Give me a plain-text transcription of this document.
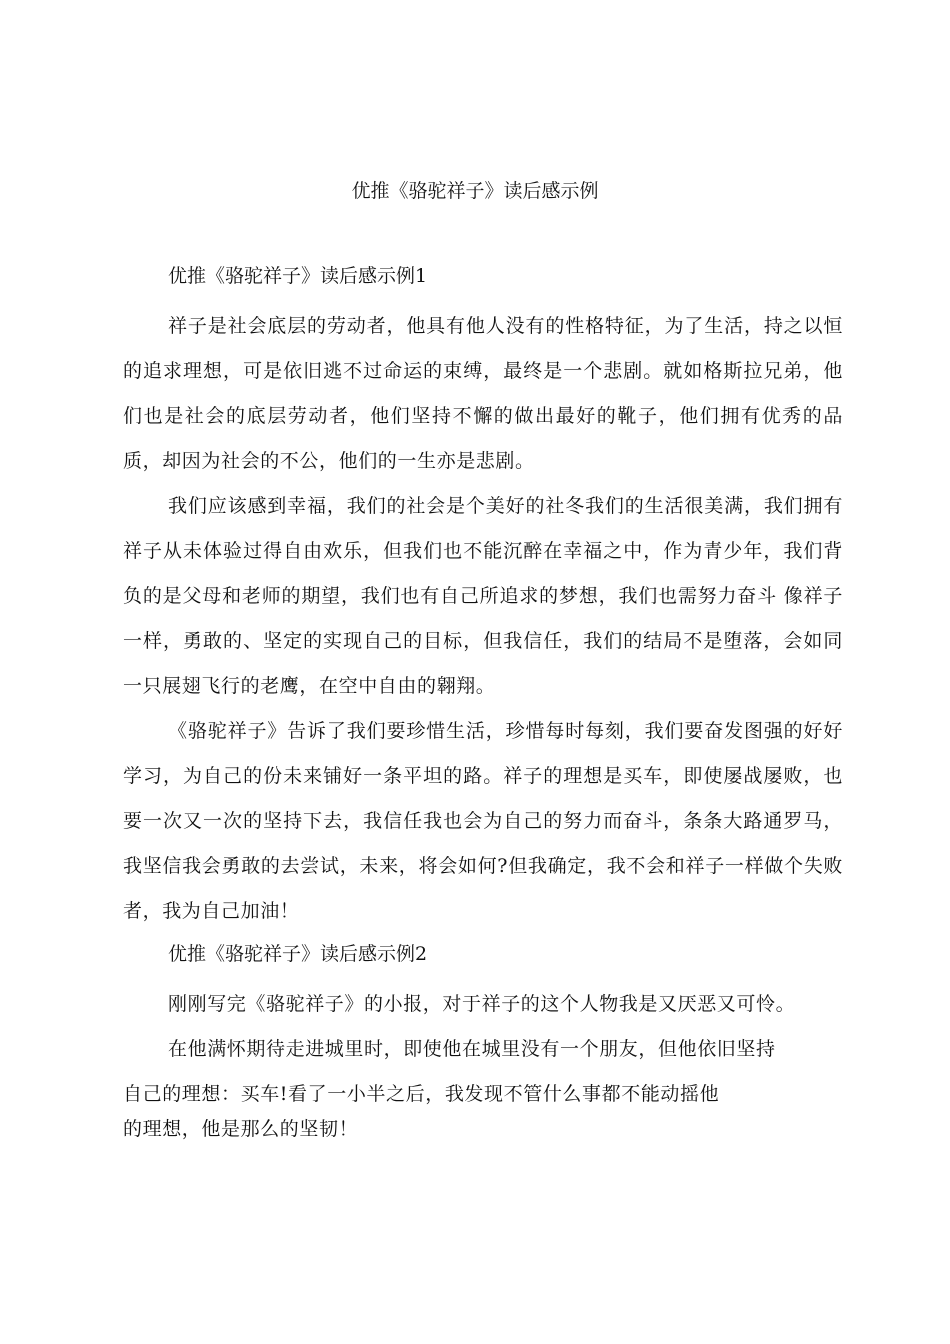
优推《骆驼祥子》读后感示例
优推《骆驼祥子》读后感示例1

祥子是社会底层的劳动者，他具有他人没有的性格特征，为了生活，持之以恒的追求理想，可是依旧逃不过命运的束缚，最终是一个悲剧。就如格斯拉兄弟，他们也是社会的底层劳动者，他们坚持不懈的做出最好的靴子，他们拥有优秀的品质，却因为社会的不公，他们的一生亦是悲剧。

我们应该感到幸福，我们的社会是个美好的社冬我们的生活很美满，我们拥有祥子从未体验过得自由欢乐，但我们也不能沉醉在幸福之中，作为青少年，我们背负的是父母和老师的期望，我们也有自己所追求的梦想，我们也需努力奋斗 像祥子一样，勇敢的、坚定的实现自己的目标，但我信任，我们的结局不是堕落，会如同一只展翅飞行的老鹰，在空中自由的翱翔。

《骆驼祥子》告诉了我们要珍惜生活，珍惜每时每刻，我们要奋发图强的好好学习，为自己的份未来铺好一条平坦的路。祥子的理想是买车，即使屡战屡败，也要一次又一次的坚持下去，我信任我也会为自己的努力而奋斗，条条大路通罗马，我坚信我会勇敢的去尝试，未来，将会如何?但我确定，我不会和祥子一样做个失败者，我为自己加油！

优推《骆驼祥子》读后感示例2

刚刚写完《骆驼祥子》的小报，对于祥子的这个人物我是又厌恶又可怜。

在他满怀期待走进城里时，即使他在城里没有一个朋友，但他依旧坚持自己的理想：买车!看了一小半之后，我发现不管什么事都不能动摇他

的理想，他是那么的坚韧！
